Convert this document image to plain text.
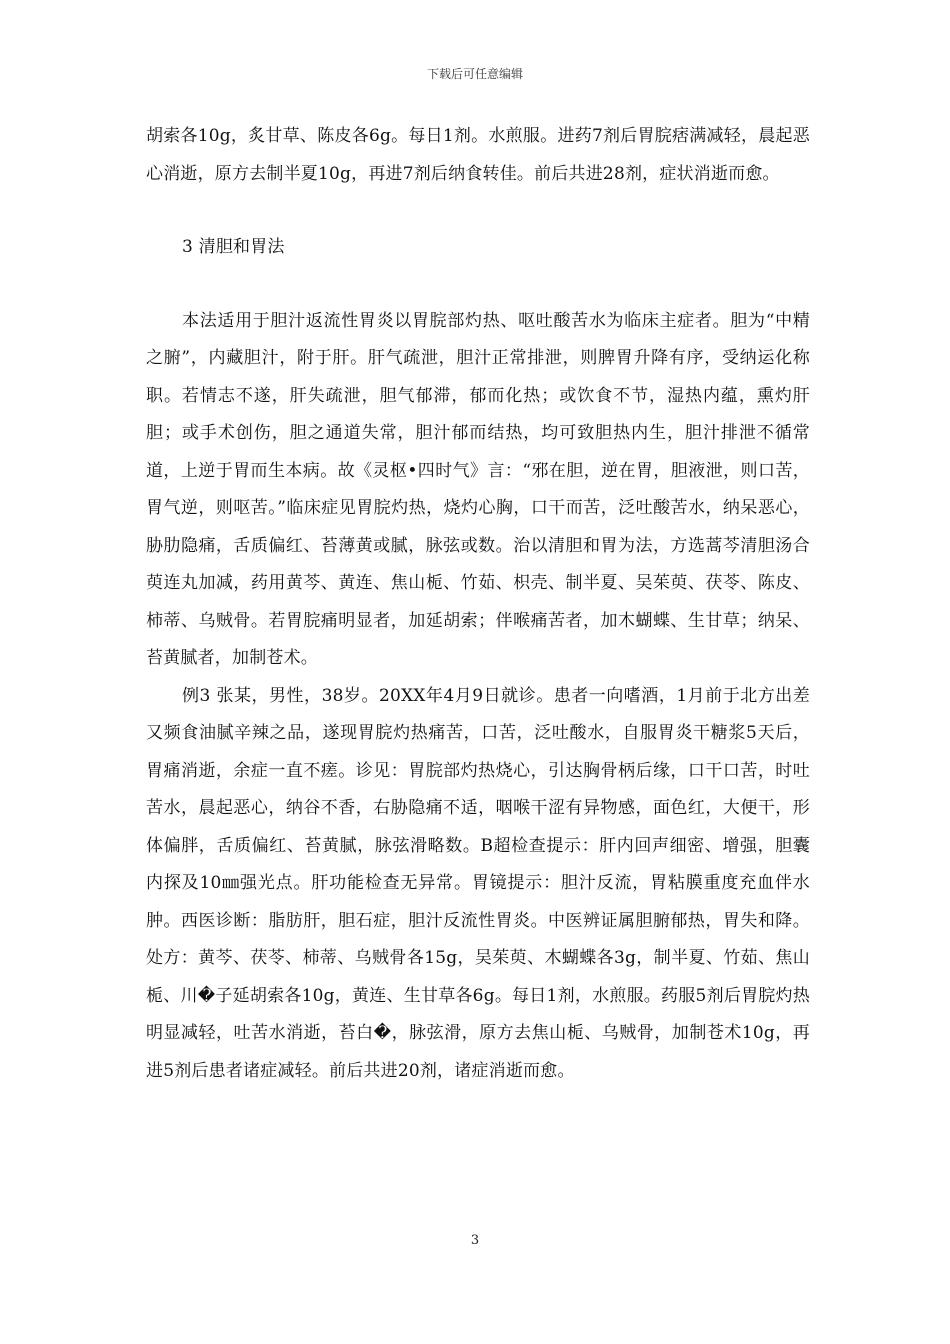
下载后可任意编辑

胡索各10g，炙甘草、陈皮各6g。每日1剂。水煎服。进药7剂后胃脘痞满减轻，晨起恶心消逝，原方去制半夏10g，再进7剂后纳食转佳。前后共进28剂，症状消逝而愈。

3 清胆和胃法

本法适用于胆汁返流性胃炎以胃脘部灼热、呕吐酸苦水为临床主症者。胆为“中精之腑”，内藏胆汁，附于肝。肝气疏泄，胆汁正常排泄，则脾胃升降有序，受纳运化称职。若情志不遂，肝失疏泄，胆气郁滞，郁而化热；或饮食不节，湿热内蕴，熏灼肝胆；或手术创伤，胆之通道失常，胆汁郁而结热，均可致胆热内生，胆汁排泄不循常道，上逆于胃而生本病。故《灵枢•四时气》言：“邪在胆，逆在胃，胆液泄，则口苦，胃气逆，则呕苦。”临床症见胃脘灼热，烧灼心胸，口干而苦，泛吐酸苦水，纳呆恶心，胁肋隐痛，舌质偏红、苔薄黄或腻，脉弦或数。治以清胆和胃为法，方选蒿芩清胆汤合萸连丸加减，药用黄芩、黄连、焦山栀、竹茹、枳壳、制半夏、吴茱萸、茯苓、陈皮、柿蒂、乌贼骨。若胃脘痛明显者，加延胡索；伴喉痛苦者，加木蝴蝶、生甘草；纳呆、苔黄腻者，加制苍术。

例3 张某，男性，38岁。20XX年4月9日就诊。患者一向嗜酒，1月前于北方出差又频食油腻辛辣之品，遂现胃脘灼热痛苦，口苦，泛吐酸水，自服胃炎干糖浆5天后，胃痛消逝，余症一直不瘥。诊见：胃脘部灼热烧心，引达胸骨柄后缘，口干口苦，时吐苦水，晨起恶心，纳谷不香，右胁隐痛不适，咽喉干涩有异物感，面色红，大便干，形体偏胖，舌质偏红、苔黄腻，脉弦滑略数。B超检查提示：肝内回声细密、增强，胆囊内探及10㎜强光点。肝功能检查无异常。胃镜提示：胆汁反流，胃粘膜重度充血伴水肿。西医诊断：脂肪肝，胆石症，胆汁反流性胃炎。中医辨证属胆腑郁热，胃失和降。处方：黄芩、茯苓、柿蒂、乌贼骨各15g，吴茱萸、木蝴蝶各3g，制半夏、竹茹、焦山栀、川�子延胡索各10g，黄连、生甘草各6g。每日1剂，水煎服。药服5剂后胃脘灼热明显减轻，吐苦水消逝，苔白�，脉弦滑，原方去焦山栀、乌贼骨，加制苍术10g，再进5剂后患者诸症减轻。前后共进20剂，诸症消逝而愈。

3
